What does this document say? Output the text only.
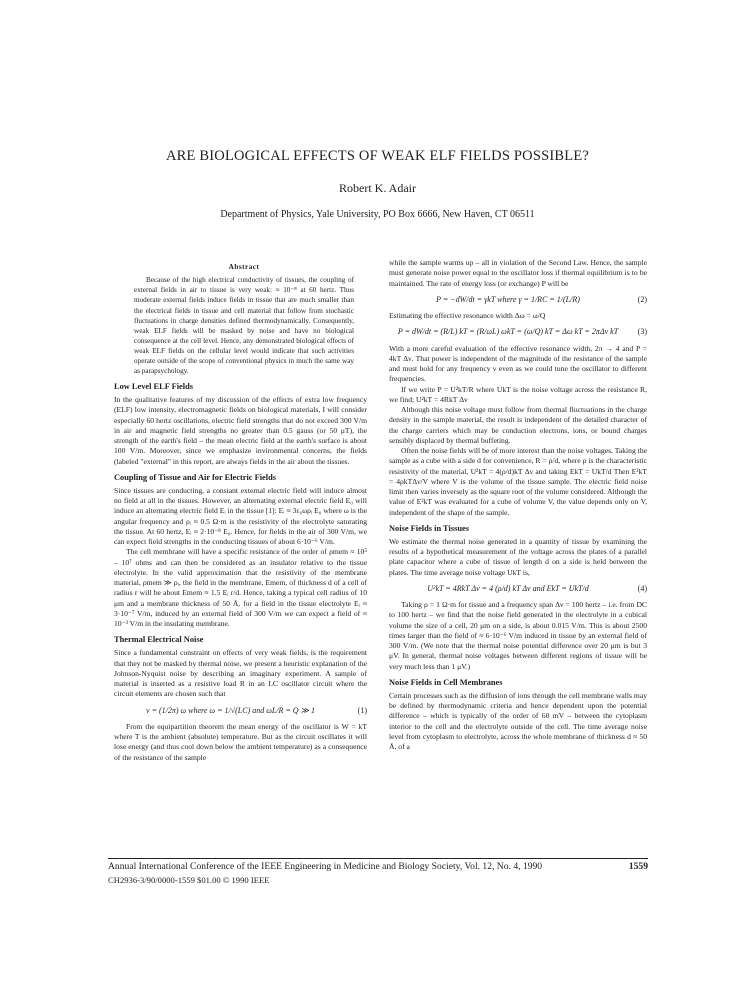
ARE BIOLOGICAL EFFECTS OF WEAK ELF FIELDS POSSIBLE?
Robert K. Adair
Department of Physics, Yale University, PO Box 6666, New Haven, CT 06511
Abstract

Because of the high electrical conductivity of tissues, the coupling of external fields in air to tissue is very weak: ≈ 10⁻⁸ at 60 hertz. Thus moderate external fields induce fields in tissue that are much smaller than the electrical fields in tissue and cell material that follow from stochastic fluctuations in charge densities defined thermodynamically. Consequently, weak ELF fields will be masked by noise and have no biological consequence at the cell level. Hence, any demonstrated biological effects of weak ELF fields on the cellular level would indicate that such activities operate outside of the scope of conventional physics in much the same way as parapsychology.

Low Level ELF Fields

In the qualitative features of my discussion of the effects of extra low frequency (ELF) low intensity, electromagnetic fields on biological materials, I will consider especially 60 hertz oscillations, electric field strengths that do not exceed 300 V/m in air and magnetic field strengths no greater than 0.5 gauss (or 50 μT), the strength of the earth's field – the mean electric field at the earth's surface is about 100 V/m. Moreover, since we emphasize invironmental concerns, the fields (labeled "external" in this report, are always fields in the air about the tissues.

Coupling of Tissue and Air for Electric Fields

Since tissues are conducting, a constant external electric field will induce almost no field at all in the tissues. However, an alternating external electric field E₀ will induce an alternating electric field Eᵢ in the tissue [1]: Eᵢ ≈ 3ε₀ωρᵢ E₀ where ω is the angular frequency and ρᵢ ≈ 0.5 Ω·m is the resistivity of the electrolyte saturating the tissue. At 60 hertz, Eᵢ ≈ 2·10⁻⁸ E₀. Hence, for fields in the air of 300 V/m, we can expect field strengths in the conducting tissues of about 6·10⁻⁶ V/m.

The cell membrane will have a specific resistance of the order of ρmem ≈ 10⁵ – 10⁷ ohms and can then be considered as an insulator relative to the tissue electrolyte. In the valid approximation that the resistivity of the membrane material, ρmem ≫ ρᵢ, the field in the membrane, Emem, of thickness d of a cell of radius r will be about Emem ≈ 1.5 Eᵢ r/d. Hence, taking a typical cell radius of 10 μm and a membrane thickness of 50 Å, for a field in the tissue electrolyte Eᵢ ≈ 3·10⁻⁷ V/m, induced by an external field of 300 V/m we can expect a field of ≈ 10⁻³ V/m in the insulating membrane.

Thermal Electrical Noise

Since a fundamental constraint on effects of very weak fields, is the requirement that they not be masked by thermal noise, we present a heuristic explanation of the Johnson-Nyquist noise by describing an imaginary experiment. A sample of material is inserted as a resistive load R in an LC oscillator circuit where the circuit elements are chosen such that

ν = (1/2π) ω where ω = 1/√(LC) and ωL/R = Q ≫ 1	(1)

From the equipartition theorem the mean energy of the oscillator is W = kT where T is the ambient (absolute) temperature. But as the circuit oscillates it will lose energy (and thus cool down below the ambient temperature) as a consequence of the resistance of the sample

while the sample warms up – all in violation of the Second Law. Hence, the sample must generate noise power equal to the oscillator loss if thermal equilibrium is to be maintained. The rate of energy loss (or exchange) P will be

P = −dW/dt = γkT where γ = 1/RC = 1/(L/R)	(2)

Estimating the effective resonance width Δω = ω/Q

P = dW/dt = (R/L) kT = (R/ωL) ωkT = (ω/Q) kT = Δω kT = 2πΔν kT	(3)

With a more careful evaluation of the effective resonance width, 2π → 4 and P = 4kT Δν. That power is independent of the magnitude of the resistance of the sample and must hold for any frequency ν even as we could tune the oscillator to different frequencies.

If we write P = U²kT/R where UkT is the noise voltage across the resistance R, we find; U²kT = 4RkT Δν

Although this noise voltage must follow from thermal fluctuations in the charge density in the sample material, the result is independent of the detailed character of the charge carriers which may be conduction electrons, ions, or bound charges sensibly displaced by thermal buffeting.

Often the noise fields will be of more interest than the noise voltages. Taking the sample as a cube with a side d for convenience, R = ρ/d, where ρ is the characteristic resistivity of the material, U²kT = 4(ρ/d)kT Δν and taking EkT = UkT/d Then E²kT = 4ρkTΔν/V where V is the volume of the tissue sample. The electric field noise limit then varies inversely as the square root of the volume considered. Although the value of E²kT was evaluated for a cube of volume V, the value depends only on V, independent of the shape of the sample.

Noise Fields in Tissues

We estimate the thermal noise generated in a quantity of tissue by examining the results of a hypothetical measurement of the voltage across the plates of a parallel plate capacitor where a cube of tissue of length d on a side is held between the plates. The time average noise voltage UkT is,

U²kT = 4RkT Δν = 4 (ρ/d) kT Δν and EkT = UkT/d	(4)

Taking ρ = 1 Ω·m for tissue and a frequency span Δν = 100 hertz – i.e. from DC to 100 hertz – we find that the noise field generated in the electrolyte in a cubical volume the size of a cell, 20 μm on a side, is about 0.015 V/m. This is about 2500 times larger than the field of ≈ 6·10⁻⁶ V/m induced in tissue by an external field of 300 V/m. (We note that the thermal noise potential difference over 20 μm is but 3 μV. In general, thermal noise voltages between different regions of tissue will be very much less than 1 μV.)

Noise Fields in Cell Membranes

Certain processes such as the diffusion of ions through the cell membrane walls may be defined by thermodynamic criteria and hence dependent upon the potential difference – which is typically of the order of 60 mV – between the cytoplasm interior to the cell and the electrolyte outside of the cell. The time average noise level from cytoplasm to electrolyte, across the whole membrane of thickness d ≈ 50 Å, of a

Annual International Conference of the IEEE Engineering in Medicine and Biology Society, Vol. 12, No. 4, 1990	1559
CH2936-3/90/0000-1559 $01.00 © 1990 IEEE
